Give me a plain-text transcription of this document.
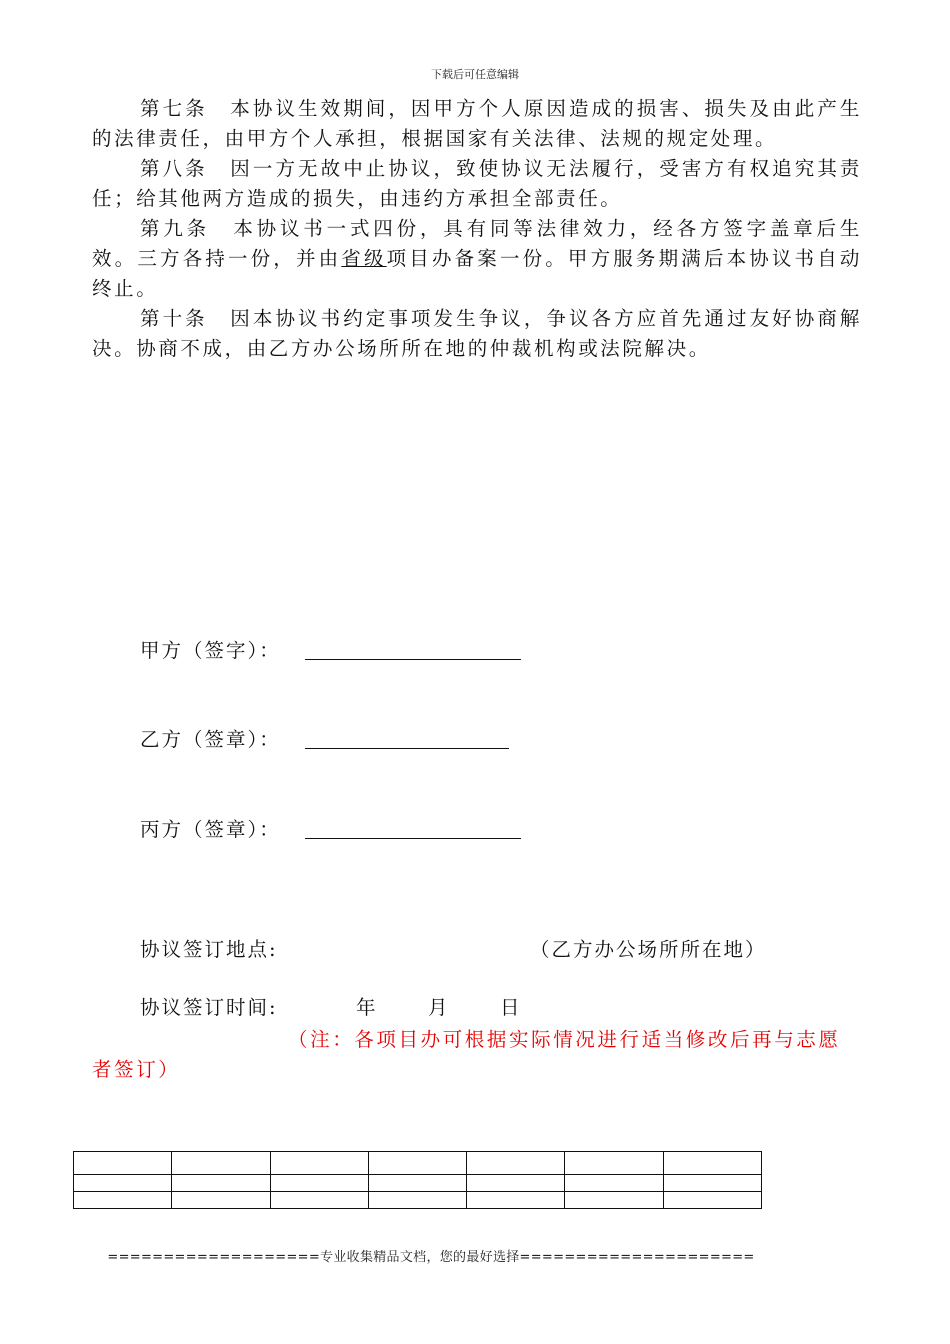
下载后可任意编辑

第七条　本协议生效期间，因甲方个人原因造成的损害、损失及由此产生的法律责任，由甲方个人承担，根据国家有关法律、法规的规定处理。

第八条　因一方无故中止协议，致使协议无法履行，受害方有权追究其责任；给其他两方造成的损失，由违约方承担全部责任。

第九条　本协议书一式四份，具有同等法律效力，经各方签字盖章后生效。三方各持一份，并由省级项目办备案一份。甲方服务期满后本协议书自动终止。

第十条　因本协议书约定事项发生争议，争议各方应首先通过友好协商解决。协商不成，由乙方办公场所所在地的仲裁机构或法院解决。

甲方（签字）：
乙方（签章）：
丙方（签章）：
协议签订地点:	（乙方办公场所所在地）
协议签订时间:	年	月	日
（注：各项目办可根据实际情况进行适当修改后再与志愿者签订）

===================专业收集精品文档，您的最好选择=====================
